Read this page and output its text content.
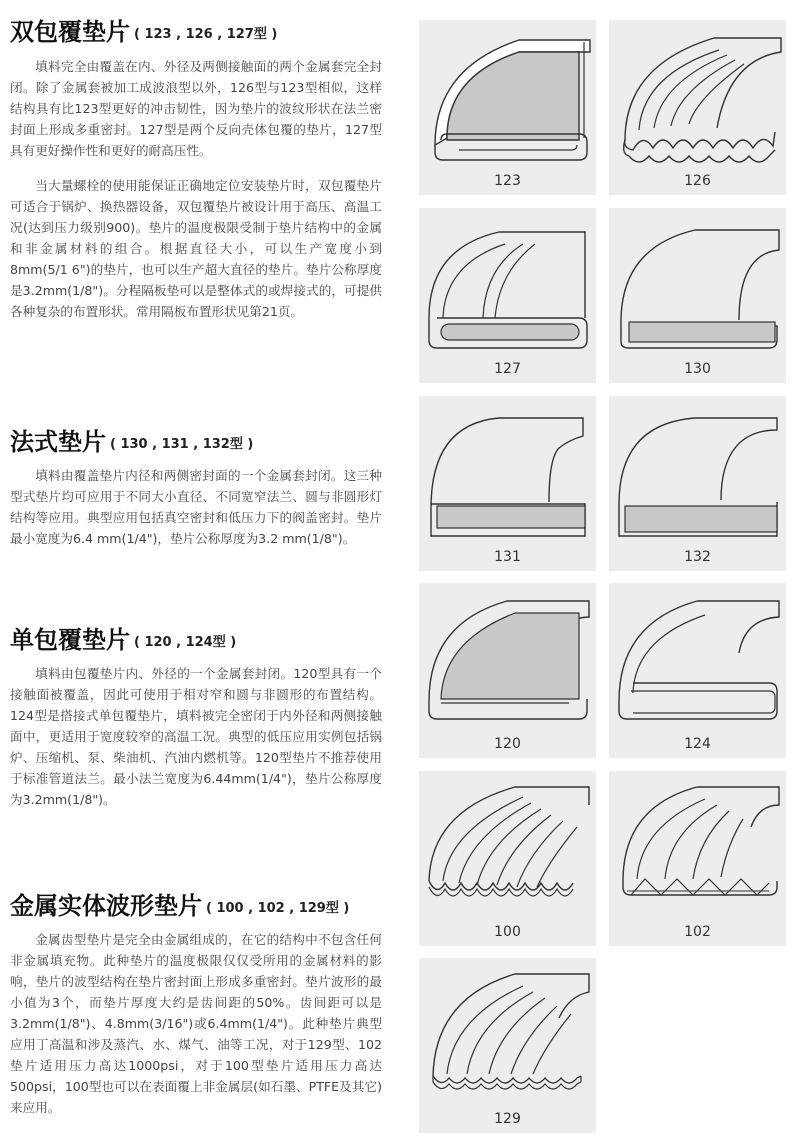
双包覆垫片 ( 123 , 126 , 127型 )

填料完全由覆盖在内、外径及两侧接触面的两个金属套完全封闭。除了金属套被加工成波浪型以外，126型与123型相似，这样结构具有比123型更好的冲击韧性，因为垫片的波纹形状在法兰密封面上形成多重密封。127型是两个反向壳体包覆的垫片，127型具有更好操作性和更好的耐高压性。

当大量螺栓的使用能保证正确地定位安装垫片时，双包覆垫片可适合于锅炉、换热器设备，双包覆垫片被设计用于高压、高温工况(达到压力级别900)。垫片的温度极限受制于垫片结构中的金属和非金属材料的组合。根据直径大小，可以生产宽度小到8mm(5/1 6")的垫片，也可以生产超大直径的垫片。垫片公称厚度是3.2mm(1/8")。分程隔板垫可以是整体式的或焊接式的，可提供各种复杂的布置形状。常用隔板布置形状见第21页。

法式垫片 ( 130 , 131 , 132型 )

填料由覆盖垫片内径和两侧密封面的一个金属套封闭。这三种型式垫片均可应用于不同大小直径、不同宽窄法兰、圆与非圆形灯结构等应用。典型应用包括真空密封和低压力下的阀盖密封。垫片最小宽度为6.4 mm(1/4")，垫片公称厚度为3.2 mm(1/8")。

单包覆垫片 ( 120 , 124型 )

填料由包覆垫片内、外径的一个金属套封闭。120型具有一个接触面被覆盖，因此可使用于相对窄和圆与非圆形的布置结构。124型是搭接式单包覆垫片，填料被完全密闭于内外径和两侧接触面中，更适用于宽度较窄的高温工况。典型的低压应用实例包括锅炉、压缩机、泵、柴油机、汽油内燃机等。120型垫片不推荐使用于标准管道法兰。最小法兰宽度为6.44mm(1/4")，垫片公称厚度为3.2mm(1/8")。

金属实体波形垫片 ( 100 , 102 , 129型 )

金属齿型垫片是完全由金属组成的，在它的结构中不包含任何非金属填充物。此种垫片的温度极限仅仅受所用的金属材料的影响，垫片的波型结构在垫片密封面上形成多重密封。垫片波形的最小值为3个，而垫片厚度大约是齿间距的50%。齿间距可以是3.2mm(1/8")、4.8mm(3/16")或6.4mm(1/4")。此种垫片典型应用丁高温和涉及蒸汽、水、煤气、油等工况，对于129型、102垫片适用压力高达1000psi，对于100型垫片适用压力高达500psi，100型也可以在表面覆上非金属层(如石墨、PTFE及其它)来应用。

123	126
127	130
131	132
120	124
100	102
129
